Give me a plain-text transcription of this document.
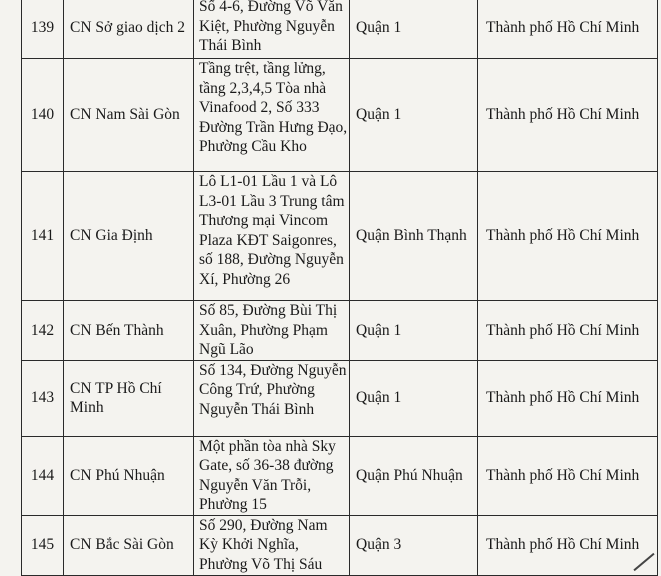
139	CN Sở giao dịch 2	Số 4-6, Đường Võ Văn Kiệt, Phường Nguyễn Thái Bình	Quận 1	Thành phố Hồ Chí Minh
140	CN Nam Sài Gòn	Tầng trệt, tầng lửng, tầng 2,3,4,5 Tòa nhà Vinafood 2, Số 333 Đường Trần Hưng Đạo, Phường Cầu Kho	Quận 1	Thành phố Hồ Chí Minh
141	CN Gia Định	Lô L1-01 Lầu 1 và Lô L3-01 Lầu 3 Trung tâm Thương mại Vincom Plaza KĐT Saigonres, số 188, Đường Nguyễn Xí, Phường 26	Quận Bình Thạnh	Thành phố Hồ Chí Minh
142	CN Bến Thành	Số 85, Đường Bùi Thị Xuân, Phường Phạm Ngũ Lão	Quận 1	Thành phố Hồ Chí Minh
143	CN TP Hồ Chí Minh	Số 134, Đường Nguyễn Công Trứ, Phường Nguyễn Thái Bình	Quận 1	Thành phố Hồ Chí Minh
144	CN Phú Nhuận	Một phần tòa nhà Sky Gate, số 36-38 đường Nguyễn Văn Trỗi, Phường 15	Quận Phú Nhuận	Thành phố Hồ Chí Minh
145	CN Bắc Sài Gòn	Số 290, Đường Nam Kỳ Khởi Nghĩa, Phường Võ Thị Sáu	Quận 3	Thành phố Hồ Chí Minh
